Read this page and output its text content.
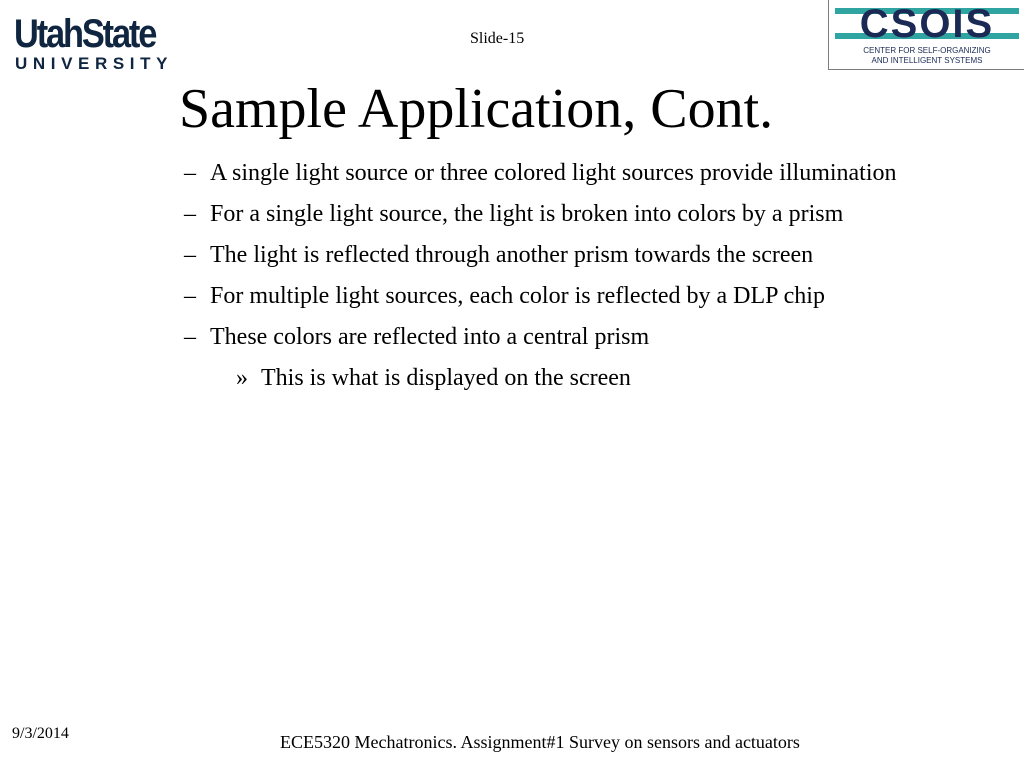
UtahState
UNIVERSITY
Slide-15	CSOIS
CENTER FOR SELF-ORGANIZING
AND INTELLIGENT SYSTEMS
Sample Application, Cont.
– A single light source or three colored light sources provide illumination
– For a single light source, the light is broken into colors by a prism
– The light is reflected through another prism towards the screen
– For multiple light sources, each color is reflected by a DLP chip
– These colors are reflected into a central prism
» This is what is displayed on the screen
9/3/2014	ECE5320 Mechatronics. Assignment#1 Survey on sensors and actuators
